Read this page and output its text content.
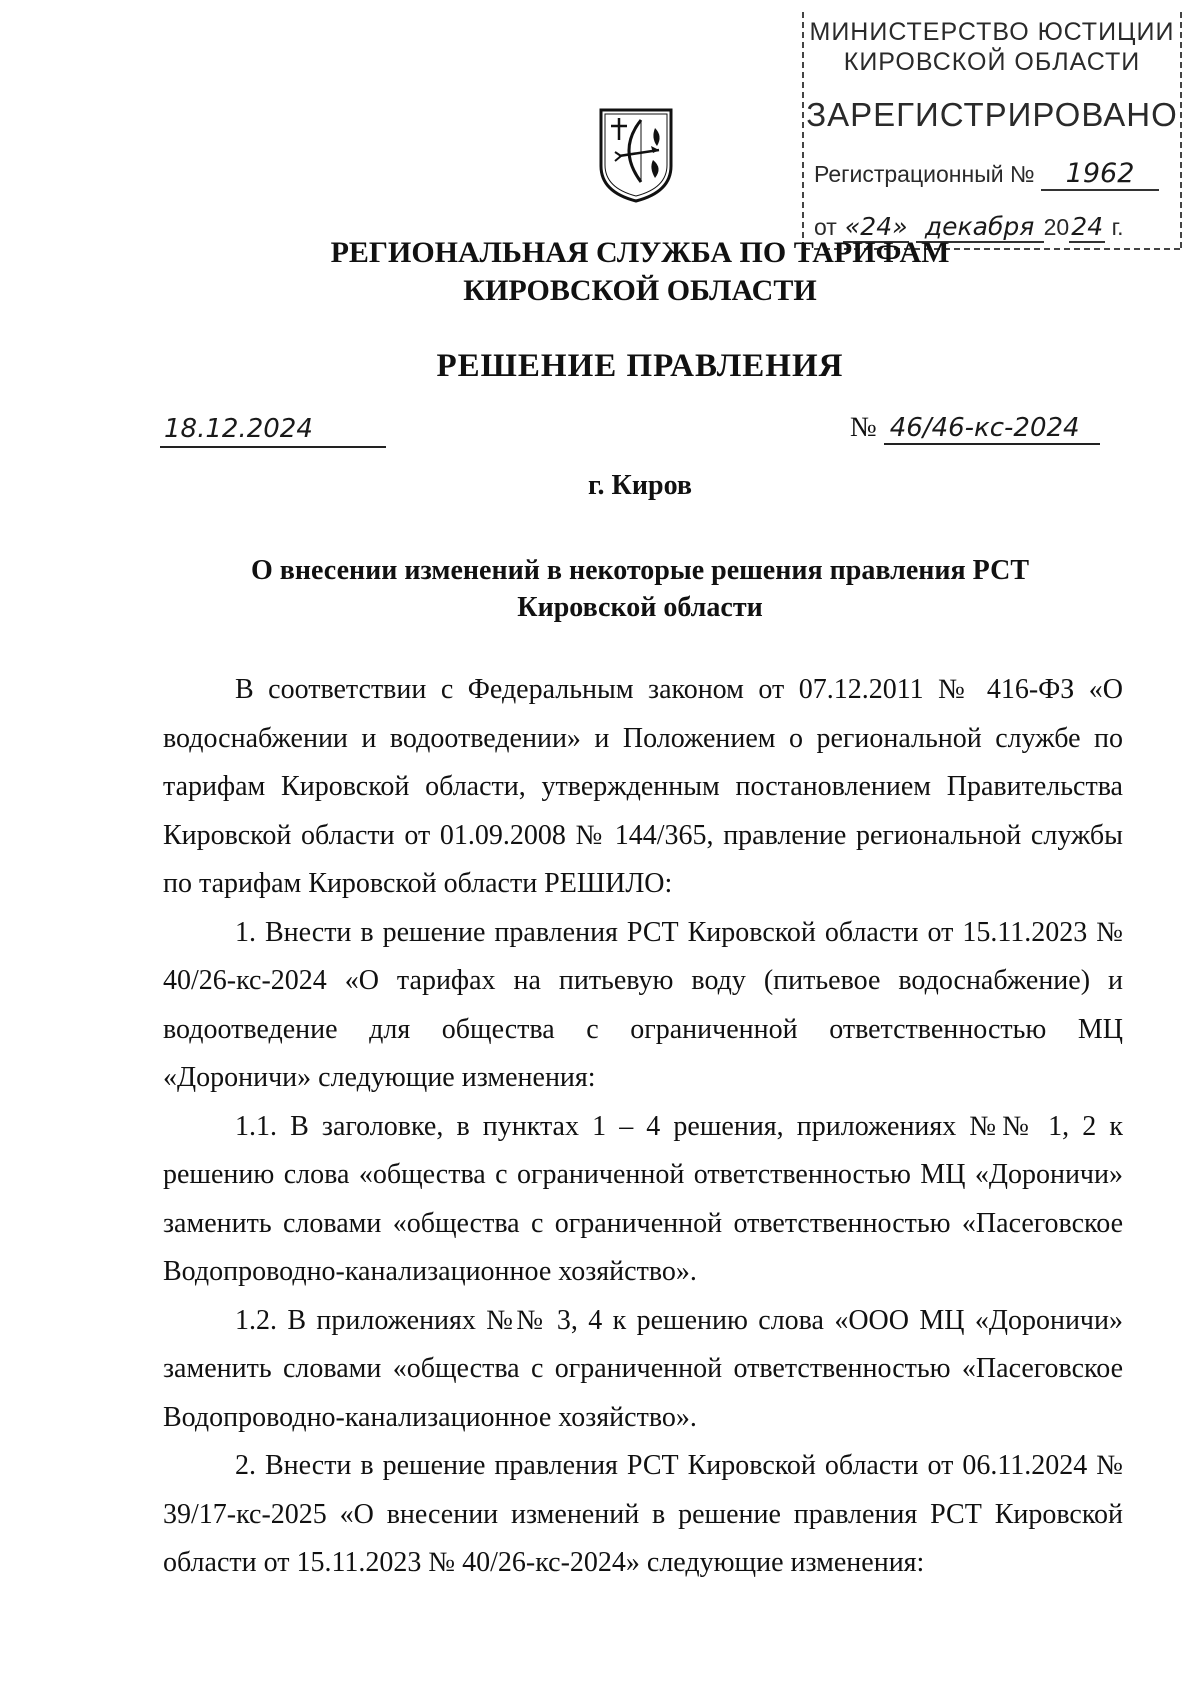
МИНИСТЕРСТВО ЮСТИЦИИ
КИРОВСКОЙ ОБЛАСТИ
ЗАРЕГИСТРИРОВАНО
Регистрационный № 1962
от «24» декабря 2024 г.
РЕГИОНАЛЬНАЯ СЛУЖБА ПО ТАРИФАМ
КИРОВСКОЙ ОБЛАСТИ
РЕШЕНИЕ ПРАВЛЕНИЯ
18.12.2024	№ 46/46-кс-2024
г. Киров
О внесении изменений в некоторые решения правления РСТ
Кировской области

В соответствии с Федеральным законом от 07.12.2011 № 416-ФЗ «О водоснабжении и водоотведении» и Положением о региональной службе по тарифам Кировской области, утвержденным постановлением Правительства Кировской области от 01.09.2008 № 144/365, правление региональной службы по тарифам Кировской области РЕШИЛО:

1. Внести в решение правления РСТ Кировской области от 15.11.2023 № 40/26-кс-2024 «О тарифах на питьевую воду (питьевое водоснабжение) и водоотведение для общества с ограниченной ответственностью МЦ «Дороничи» следующие изменения:

1.1. В заголовке, в пунктах 1 – 4 решения, приложениях №№ 1, 2 к решению слова «общества с ограниченной ответственностью МЦ «Дороничи» заменить словами «общества с ограниченной ответственностью «Пасеговское Водопроводно-канализационное хозяйство».

1.2. В приложениях №№ 3, 4 к решению слова «ООО МЦ «Дороничи» заменить словами «общества с ограниченной ответственностью «Пасеговское Водопроводно-канализационное хозяйство».

2. Внести в решение правления РСТ Кировской области от 06.11.2024 № 39/17-кс-2025 «О внесении изменений в решение правления РСТ Кировской области от 15.11.2023 № 40/26-кс-2024» следующие изменения:
